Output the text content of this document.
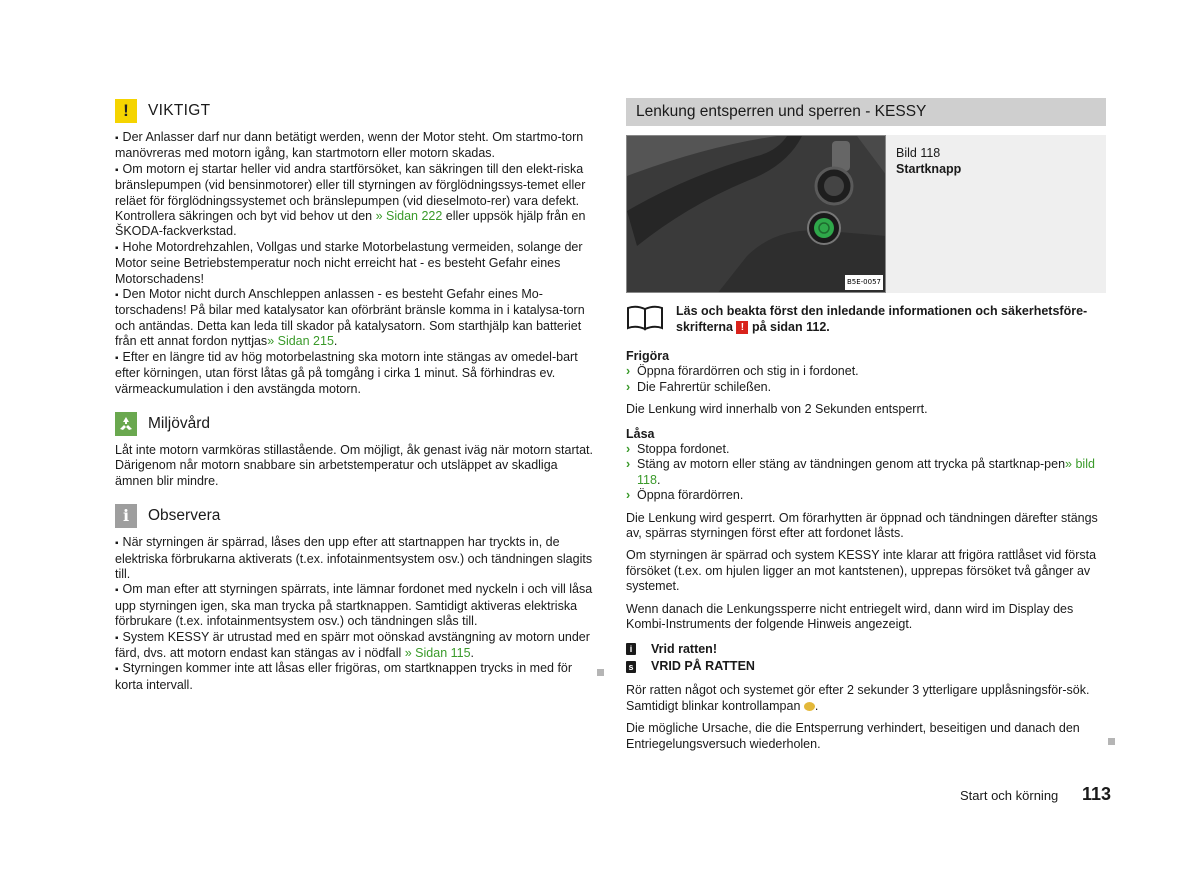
!	VIKTIGT

▪ Der Anlasser darf nur dann betätigt werden, wenn der Motor steht. Om startmo-torn manövreras med motorn igång, kan startmotorn eller motorn skadas.

▪ Om motorn ej startar heller vid andra startförsöket, kan säkringen till den elekt-riska bränslepumpen (vid bensinmotorer) eller till styrningen av förglödningssys-temet eller reläet för förglödningssystemet och bränslepumpen (vid dieselmoto-rer) vara defekt. Kontrollera säkringen och byt vid behov ut den » Sidan 222 eller uppsök hjälp från en ŠKODA-fackverkstad.

▪ Hohe Motordrehzahlen, Vollgas und starke Motorbelastung vermeiden, solange der Motor seine Betriebstemperatur noch nicht erreicht hat - es besteht Gefahr eines Motorschadens!

▪ Den Motor nicht durch Anschleppen anlassen - es besteht Gefahr eines Mo-torschadens! På bilar med katalysator kan oförbränt bränsle komma in i katalysa-torn och antändas. Detta kan leda till skador på katalysatorn. Som starthjälp kan batteriet från ett annat fordon nyttjas» Sidan 215.

▪ Efter en längre tid av hög motorbelastning ska motorn inte stängas av omedel-bart efter körningen, utan först låtas gå på tomgång i cirka 1 minut. Så förhindras ev. värmeackumulation i den avstängda motorn.

Miljövård

Låt inte motorn varmköras stillastående. Om möjligt, åk genast iväg när motorn startat. Därigenom når motorn snabbare sin arbetstemperatur och utsläppet av skadliga ämnen blir mindre.

i	Observera

▪ När styrningen är spärrad, låses den upp efter att startnappen har tryckts in, de elektriska förbrukarna aktiverats (t.ex. infotainmentsystem osv.) och tändningen slagits till.

▪ Om man efter att styrningen spärrats, inte lämnar fordonet med nyckeln i och vill låsa upp styrningen igen, ska man trycka på startknappen. Samtidigt aktiveras elektriska förbrukare (t.ex. infotainmentsystem osv.) och tändningen slås till.

▪ System KESSY är utrustad med en spärr mot oönskad avstängning av motorn under färd, dvs. att motorn endast kan stängas av i nödfall » Sidan 115.

▪ Styrningen kommer inte att låsas eller frigöras, om startknappen trycks in med för korta intervall.

Lenkung entsperren und sperren - KESSY
B5E-0057
Bild 118
Startknapp
Läs och beakta först den inledande informationen och säkerhetsföre-skrifterna ! på sidan 112.

Frigöra

› Öppna förardörren och stig in i fordonet.

› Die Fahrertür schileßen.

Die Lenkung wird innerhalb von 2 Sekunden entsperrt.

Låsa

› Stoppa fordonet.

› Stäng av motorn eller stäng av tändningen genom att trycka på startknap-pen» bild 118.

› Öppna förardörren.

Die Lenkung wird gesperrt. Om förarhytten är öppnad och tändningen därefter stängs av, spärras styrningen först efter att fordonet låsts.

Om styrningen är spärrad och system KESSY inte klarar att frigöra rattlåset vid första försöket (t.ex. om hjulen ligger an mot kantstenen), upprepas försöket två gånger av systemet.

Wenn danach die Lenkungssperre nicht entriegelt wird, dann wird im Display des Kombi-Instruments der folgende Hinweis angezeigt.

i	Vrid ratten!
s VRID PÅ RATTEN

Rör ratten något och systemet gör efter 2 sekunder 3 ytterligare upplåsningsför-sök. Samtidigt blinkar kontrollampan .

Die mögliche Ursache, die die Entsperrung verhindert, beseitigen und danach den Entriegelungsversuch wiederholen.

Start och körning 113
